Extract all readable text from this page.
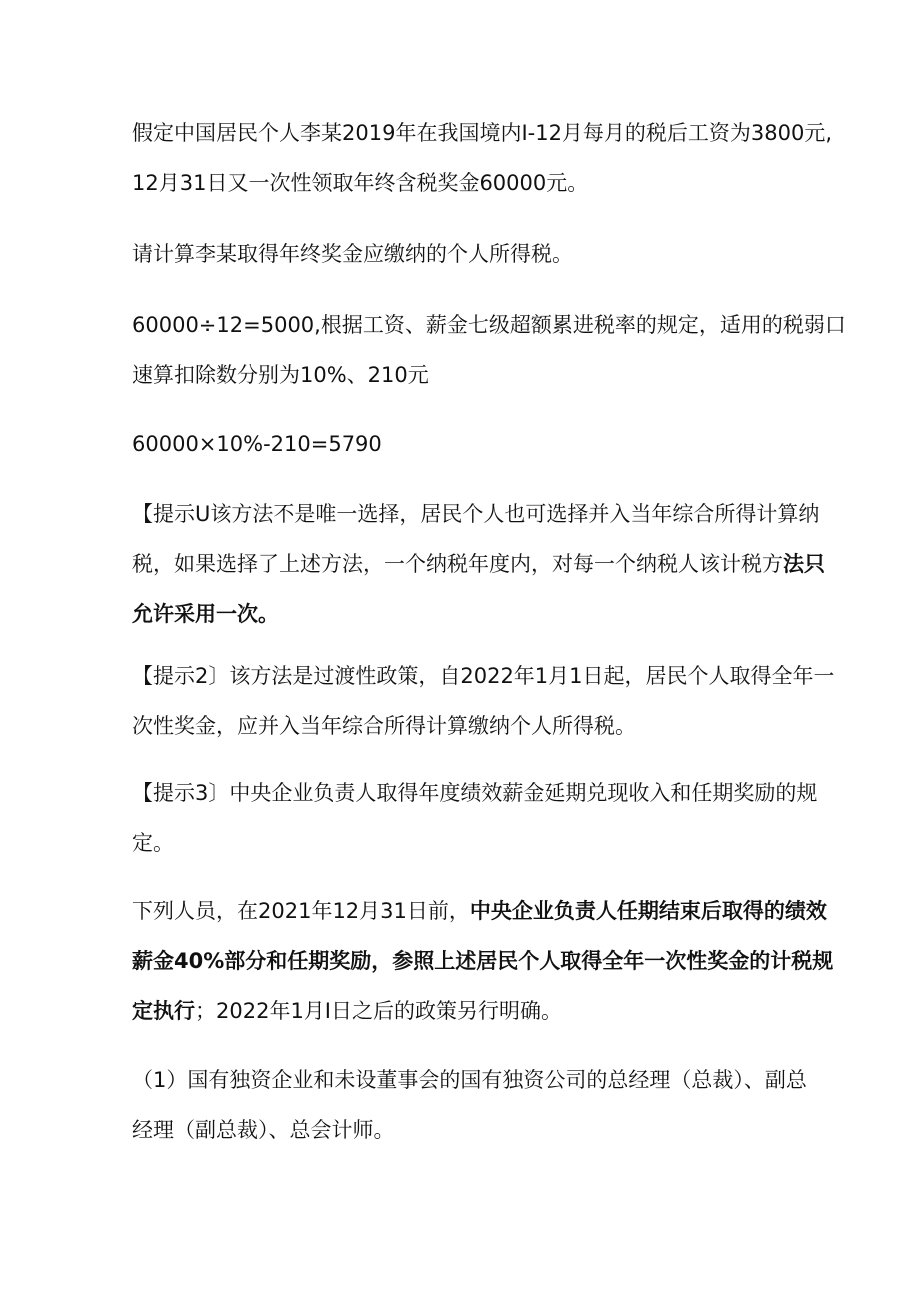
假定中国居民个人李某2019年在我国境内I-12月每月的税后工资为3800元,
12月31日又一次性领取年终含税奖金60000元。

请计算李某取得年终奖金应缴纳的个人所得税。

60000÷12=5000,根据工资、薪金七级超额累进税率的规定，适用的税弱口
速算扣除数分别为10%、210元

60000×10%-210=5790

【提示U该方法不是唯一选择，居民个人也可选择并入当年综合所得计算纳
税，如果选择了上述方法，一个纳税年度内，对每一个纳税人该计税方法只
允许采用一次。

【提示2〕该方法是过渡性政策，自2022年1月1日起，居民个人取得全年一
次性奖金，应并入当年综合所得计算缴纳个人所得税。

【提示3〕中央企业负责人取得年度绩效薪金延期兑现收入和任期奖励的规
定。

下列人员，在2021年12月31日前，中央企业负责人任期结束后取得的绩效
薪金40%部分和任期奖励，参照上述居民个人取得全年一次性奖金的计税规
定执行；2022年1月I日之后的政策另行明确。

（1）国有独资企业和未设董事会的国有独资公司的总经理（总裁）、副总
经理（副总裁）、总会计师。
